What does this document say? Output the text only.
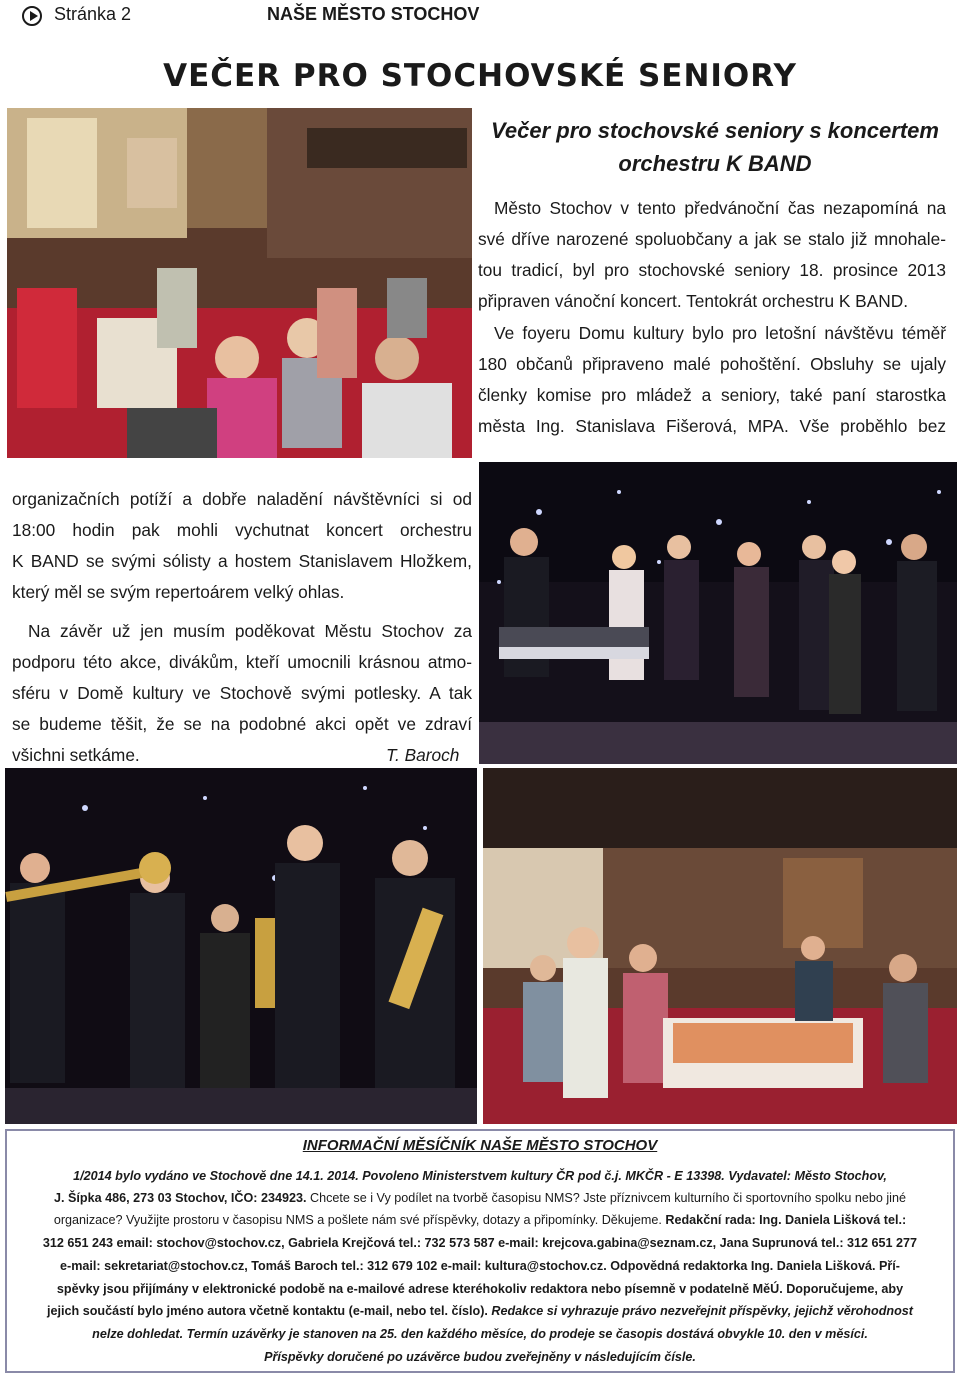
Stránka 2	NAŠE MĚSTO STOCHOV
VEČER PRO STOCHOVSKÉ SENIORY
Večer pro stochovské seniory s koncertem
orchestru K BAND
Město Stochov v tento předvánoční čas nezapomíná na
své dříve narozené spoluobčany a jak se stalo již mnohale-
tou tradicí, byl pro stochovské seniory 18. prosince 2013
připraven vánoční koncert. Tentokrát orchestru K BAND.
Ve foyeru Domu kultury bylo pro letošní návštěvu téměř
180 občanů připraveno malé pohoštění. Obsluhy se ujaly
členky komise pro mládež a seniory, také paní starostka
města Ing. Stanislava Fišerová, MPA. Vše proběhlo bez
organizačních potíží a dobře naladění návštěvníci si od
18:00 hodin pak mohli vychutnat koncert orchestru
K BAND se svými sólisty a hostem Stanislavem Hložkem,
který měl se svým repertoárem velký ohlas.
Na závěr už jen musím poděkovat Městu Stochov za
podporu této akce, divákům, kteří umocnili krásnou atmo-
sféru v Domě kultury ve Stochově svými potlesky. A tak
se budeme těšit, že se na podobné akci opět ve zdraví
všichni setkáme.	T. Baroch
INFORMAČNÍ MĚSÍČNÍK NAŠE MĚSTO STOCHOV
1/2014 bylo vydáno ve Stochově dne 14.1. 2014. Povoleno Ministerstvem kultury ČR pod č.j. MKČR - E 13398. Vydavatel: Město Stochov,
J. Šípka 486, 273 03 Stochov, IČO: 234923. Chcete se i Vy podílet na tvorbě časopisu NMS? Jste příznivcem kulturního či sportovního spolku nebo jiné
organizace? Využijte prostoru v časopisu NMS a pošlete nám své příspěvky, dotazy a připomínky. Děkujeme. Redakční rada: Ing. Daniela Lišková tel.:
312 651 243 email: stochov@stochov.cz, Gabriela Krejčová tel.: 732 573 587 e-mail: krejcova.gabina@seznam.cz, Jana Suprunová tel.: 312 651 277
e-mail: sekretariat@stochov.cz, Tomáš Baroch tel.: 312 679 102 e-mail: kultura@stochov.cz. Odpovědná redaktorka Ing. Daniela Lišková. Pří-
spěvky jsou přijímány v elektronické podobě na e-mailové adrese kteréhokoliv redaktora nebo písemně v podatelně MěÚ. Doporučujeme, aby
jejich součástí bylo jméno autora včetně kontaktu (e-mail, nebo tel. číslo). Redakce si vyhrazuje právo nezveřejnit příspěvky, jejichž věrohodnost
nelze dohledat. Termín uzávěrky je stanoven na 25. den každého měsíce, do prodeje se časopis dostává obvykle 10. den v měsíci.
Příspěvky doručené po uzávěrce budou zveřejněny v následujícím čísle.
